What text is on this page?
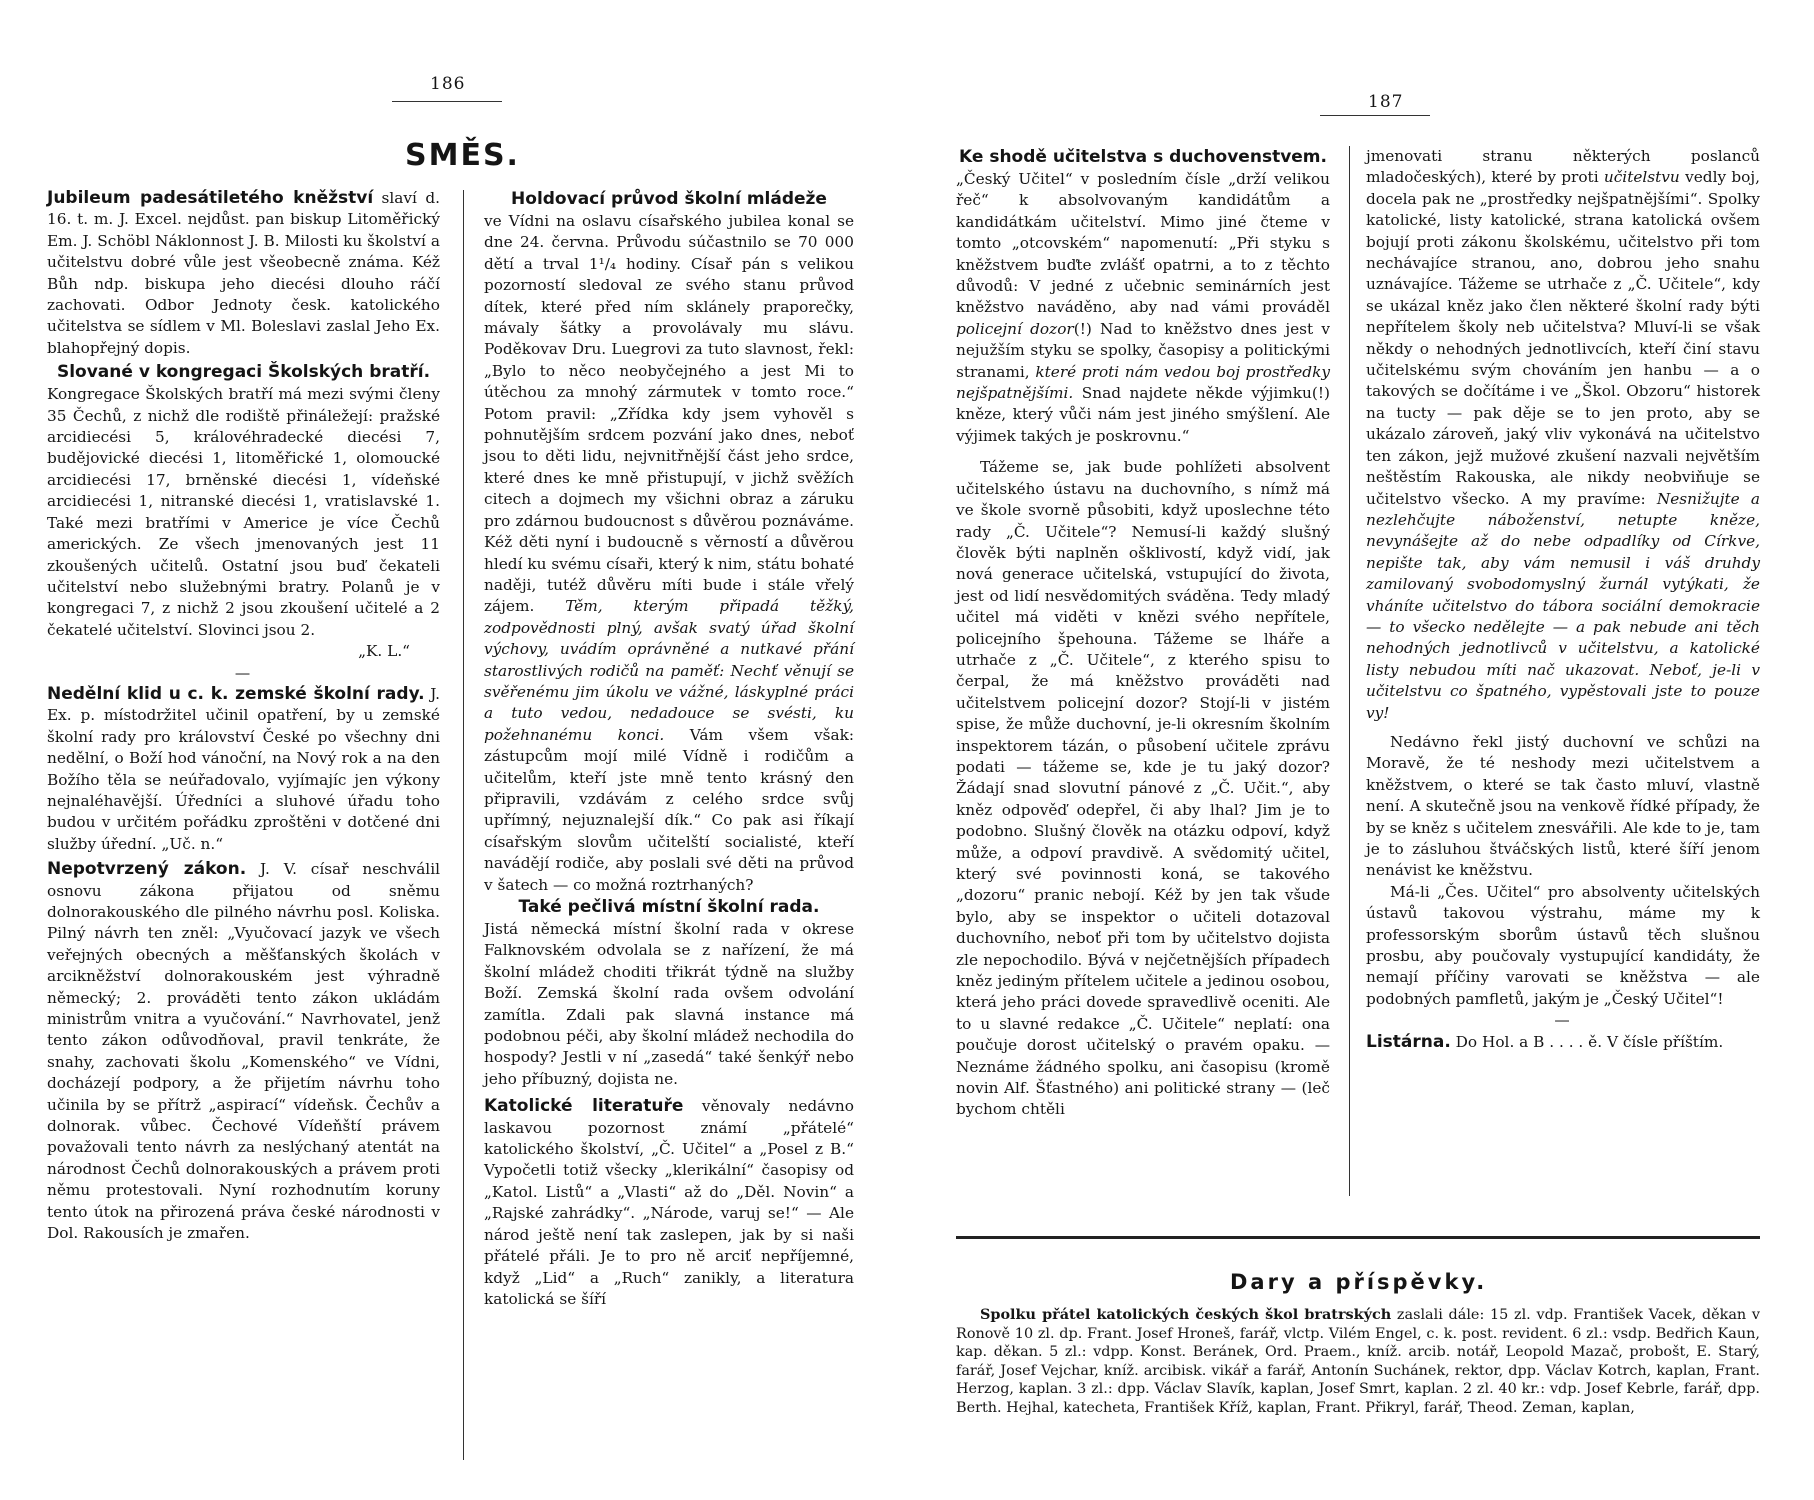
186
SMĚS.

Jubileum padesátiletého kněžství slaví d. 16. t. m. J. Excel. nejdůst. pan biskup Litoměřický Em. J. Schöbl Náklonnost J. B. Milosti ku školství a učitelstvu dobré vůle jest všeobecně známa. Kéž Bůh ndp. biskupa jeho diecési dlouho ráčí zachovati. Odbor Jednoty česk. katolického učitelstva se sídlem v Ml. Boleslavi zaslal Jeho Ex. blahopřejný dopis.

Slované v kongregaci Školských bratří.

Kongregace Školských bratří má mezi svými členy 35 Čechů, z nichž dle rodiště přináležejí: pražské arcidiecési 5, královéhradecké diecési 7, budějovické diecési 1, litoměřické 1, olomoucké arcidiecési 17, brněnské diecési 1, vídeňské arcidiecési 1, nitranské diecési 1, vratislavské 1. Také mezi bratřími v Americe je více Čechů amerických. Ze všech jmenovaných jest 11 zkoušených učitelů. Ostatní jsou buď čekateli učitelství nebo služebnými bratry. Polanů je v kongregaci 7, z nichž 2 jsou zkoušení učitelé a 2 čekatelé učitelství. Slovinci jsou 2.

„K. L.“

—

Nedělní klid u c. k. zemské školní rady. J. Ex. p. místodržitel učinil opatření, by u zemské školní rady pro království České po všechny dni nedělní, o Boží hod vánoční, na Nový rok a na den Božího těla se neúřadovalo, vyjímajíc jen výkony nejnaléhavější. Úředníci a sluhové úřadu toho budou v určitém pořádku zproštěni v dotčené dni služby úřední. „Uč. n.“

Nepotvrzený zákon. J. V. císař neschválil osnovu zákona přijatou od sněmu dolnorakouského dle pilného návrhu posl. Koliska. Pilný návrh ten zněl: „Vyučovací jazyk ve všech veřejných obecných a měšťanských školách v arcikněžství dolnorakouském jest výhradně německý; 2. prováděti tento zákon ukládám ministrům vnitra a vyučování.“ Navrhovatel, jenž tento zákon odůvodňoval, pravil tenkráte, že snahy, zachovati školu „Komenského“ ve Vídni, docházejí podpory, a že přijetím návrhu toho učinila by se přítrž „aspirací“ vídeňsk. Čechův a dolnorak. vůbec. Čechové Vídeňští právem považovali tento návrh za neslýchaný atentát na národnost Čechů dolnorakouských a právem proti němu protestovali. Nyní rozhodnutím koruny tento útok na přirozená práva české národnosti v Dol. Rakousích je zmařen.

Holdovací průvod školní mládeže

ve Vídni na oslavu císařského jubilea konal se dne 24. června. Průvodu súčastnilo se 70 000 dětí a trval 1¹/₄ hodiny. Císař pán s velikou pozorností sledoval ze svého stanu průvod dítek, které před ním sklánely praporečky, mávaly šátky a provolávaly mu slávu. Poděkovav Dru. Luegrovi za tuto slavnost, řekl: „Bylo to něco neobyčejného a jest Mi to útěchou za mnohý zármutek v tomto roce.“ Potom pravil: „Zřídka kdy jsem vyhověl s pohnutějším srdcem pozvání jako dnes, neboť jsou to děti lidu, nejvnitřnější část jeho srdce, které dnes ke mně přistupují, v jichž svěžích citech a dojmech my všichni obraz a záruku pro zdárnou budoucnost s důvěrou poznáváme. Kéž děti nyní i budoucně s věrností a důvěrou hledí ku svému císaři, který k nim, státu bohaté naději, tutéž důvěru míti bude i stále vřelý zájem. Těm, kterým připadá těžký, zodpovědnosti plný, avšak svatý úřad školní výchovy, uvádím oprávněné a nutkavé přání starostlivých rodičů na paměť: Nechť věnují se svěřenému jim úkolu ve vážné, láskyplné práci a tuto vedou, nedadouce se svésti, ku požehnanému konci. Vám všem však: zástupcům mojí milé Vídně i rodičům a učitelům, kteří jste mně tento krásný den připravili, vzdávám z celého srdce svůj upřímný, nejuznalejší dík.“ Co pak asi říkají císařským slovům učitelští socialisté, kteří navádějí rodiče, aby poslali své děti na průvod v šatech — co možná roztrhaných?

Také pečlivá místní školní rada.

Jistá německá místní školní rada v okrese Falknovském odvolala se z nařízení, že má školní mládež choditi třikrát týdně na služby Boží. Zemská školní rada ovšem odvolání zamítla. Zdali pak slavná instance má podobnou péči, aby školní mládež nechodila do hospody? Jestli v ní „zasedá“ také šenkýř nebo jeho příbuzný, dojista ne.

Katolické literatuře věnovaly nedávno laskavou pozornost známí „přátelé“ katolického školství, „Č. Učitel“ a „Posel z B.“ Vypočetli totiž všecky „klerikální“ časopisy od „Katol. Listů“ a „Vlasti“ až do „Děl. Novin“ a „Rajské zahrádky“. „Národe, varuj se!“ — Ale národ ještě není tak zaslepen, jak by si naši přátelé přáli. Je to pro ně arciť nepříjemné, když „Lid“ a „Ruch“ zanikly, a literatura katolická se šíří

187

Ke shodě učitelstva s duchovenstvem.

„Český Učitel“ v posledním čísle „drží velikou řeč“ k absolvovaným kandidátům a kandidátkám učitelství. Mimo jiné čteme v tomto „otcovském“ napomenutí: „Při styku s kněžstvem buďte zvlášť opatrni, a to z těchto důvodů: V jedné z učebnic seminárních jest kněžstvo naváděno, aby nad vámi prováděl policejní dozor(!) Nad to kněžstvo dnes jest v nejužším styku se spolky, časopisy a politickými stranami, které proti nám vedou boj prostředky nejšpatnějšími. Snad najdete někde výjimku(!) kněze, který vůči nám jest jiného smýšlení. Ale výjimek takých je poskrovnu.“

Tážeme se, jak bude pohlížeti absolvent učitelského ústavu na duchovního, s nímž má ve škole svorně působiti, když uposlechne této rady „Č. Učitele“? Nemusí-li každý slušný člověk býti naplněn ošklivostí, když vidí, jak nová generace učitelská, vstupující do života, jest od lidí nesvědomitých sváděna. Tedy mladý učitel má viděti v knězi svého nepřítele, policejního špehouna. Tážeme se lháře a utrhače z „Č. Učitele“, z kterého spisu to čerpal, že má kněžstvo prováděti nad učitelstvem policejní dozor? Stojí-li v jistém spise, že může duchovní, je-li okresním školním inspektorem tázán, o působení učitele zprávu podati — tážeme se, kde je tu jaký dozor? Žádají snad slovutní pánové z „Č. Učit.“, aby kněz odpověď odepřel, či aby lhal? Jim je to podobno. Slušný člověk na otázku odpoví, když může, a odpoví pravdivě. A svědomitý učitel, který své povinnosti koná, se takového „dozoru“ pranic nebojí. Kéž by jen tak všude bylo, aby se inspektor o učiteli dotazoval duchovního, neboť při tom by učitelstvo dojista zle nepochodilo. Bývá v nejčetnějších případech kněz jediným přítelem učitele a jedinou osobou, která jeho práci dovede spravedlivě oceniti. Ale to u slavné redakce „Č. Učitele“ neplatí: ona poučuje dorost učitelský o pravém opaku. — Neznáme žádného spolku, ani časopisu (kromě novin Alf. Šťastného) ani politické strany — (leč bychom chtěli

jmenovati stranu některých poslanců mladočeských), které by proti učitelstvu vedly boj, docela pak ne „prostředky nejšpatnějšími“. Spolky katolické, listy katolické, strana katolická ovšem bojují proti zákonu školskému, učitelstvo při tom nechávajíce stranou, ano, dobrou jeho snahu uznávajíce. Tážeme se utrhače z „Č. Učitele“, kdy se ukázal kněz jako člen některé školní rady býti nepřítelem školy neb učitelstva? Mluví-li se však někdy o nehodných jednotlivcích, kteří činí stavu učitelskému svým chováním jen hanbu — a o takových se dočítáme i ve „Škol. Obzoru“ historek na tucty — pak děje se to jen proto, aby se ukázalo zároveň, jaký vliv vykonává na učitelstvo ten zákon, jejž mužové zkušení nazvali největším neštěstím Rakouska, ale nikdy neobviňuje se učitelstvo všecko. A my pravíme: Nesnižujte a nezlehčujte náboženství, netupte kněze, nevynášejte až do nebe odpadlíky od Církve, nepište tak, aby vám nemusil i váš druhdy zamilovaný svobodomyslný žurnál vytýkati, že vháníte učitelstvo do tábora sociální demokracie — to všecko nedělejte — a pak nebude ani těch nehodných jednotlivců v učitelstvu, a katolické listy nebudou míti nač ukazovat. Neboť, je-li v učitelstvu co špatného, vypěstovali jste to pouze vy!

Nedávno řekl jistý duchovní ve schůzi na Moravě, že té neshody mezi učitelstvem a kněžstvem, o které se tak často mluví, vlastně není. A skutečně jsou na venkově řídké případy, že by se kněz s učitelem znesvářili. Ale kde to je, tam je to zásluhou štváčských listů, které šíří jenom nenávist ke kněžstvu.

Má-li „Čes. Učitel“ pro absolventy učitelských ústavů takovou výstrahu, máme my k professorským sborům ústavů těch slušnou prosbu, aby poučovaly vystupující kandidáty, že nemají příčiny varovati se kněžstva — ale podobných pamfletů, jakým je „Český Učitel“!

—

Listárna. Do Hol. a B . . . . ě. V čísle příštím.

Dary a příspěvky.
Spolku přátel katolických českých škol bratrských zaslali dále: 15 zl. vdp. František Vacek, děkan v Ronově 10 zl. dp. Frant. Josef Hroneš, farář, vlctp. Vilém Engel, c. k. post. revident. 6 zl.: vsdp. Bedřich Kaun, kap. děkan. 5 zl.: vdpp. Konst. Beránek, Ord. Praem., kníž. arcib. notář, Leopold Mazač, probošt, E. Starý, farář, Josef Vejchar, kníž. arcibisk. vikář a farář, Antonín Suchánek, rektor, dpp. Václav Kotrch, kaplan, Frant. Herzog, kaplan. 3 zl.: dpp. Václav Slavík, kaplan, Josef Smrt, kaplan. 2 zl. 40 kr.: vdp. Josef Kebrle, farář, dpp. Berth. Hejhal, katecheta, František Kříž, kaplan, Frant. Přikryl, farář, Theod. Zeman, kaplan,
